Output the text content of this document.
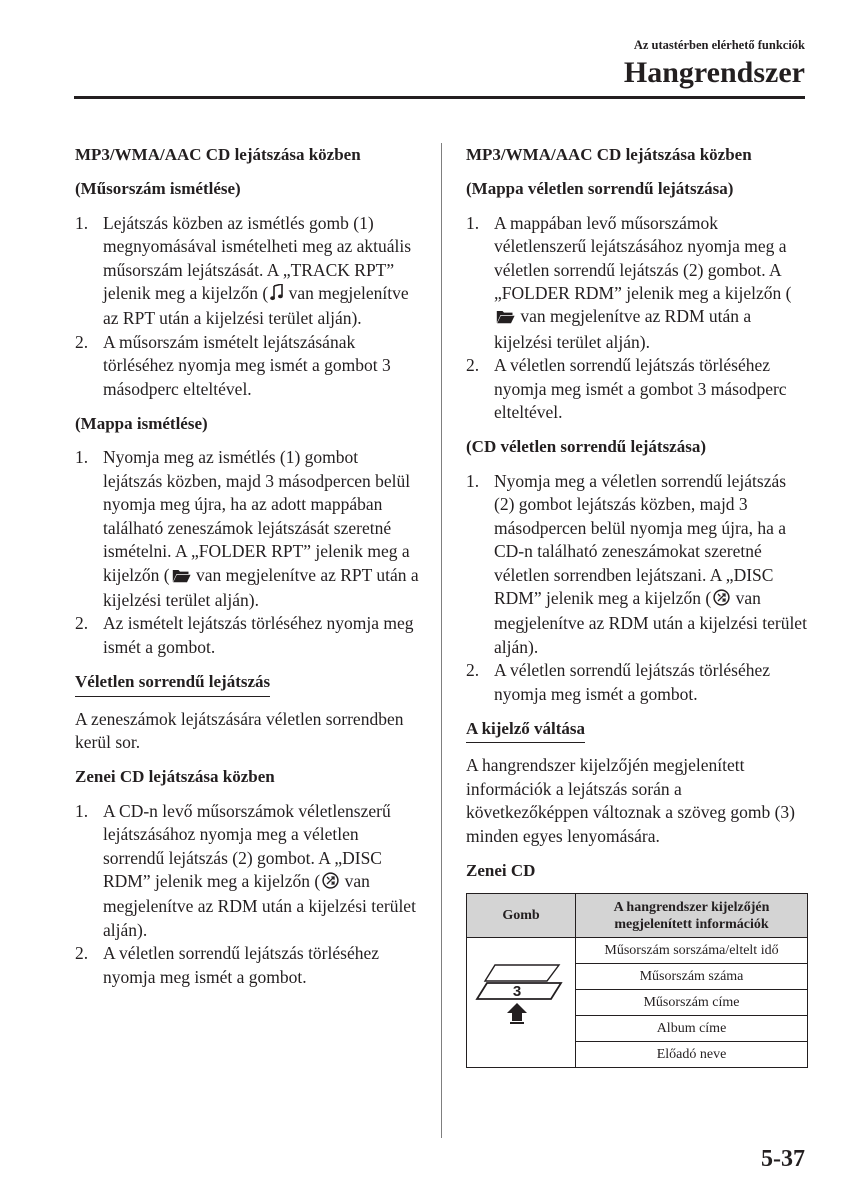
Az utastérben elérhető funkciók
Hangrendszer
MP3/WMA/AAC CD lejátszása közben
(Műsorszám ismétlése)
1. Lejátszás közben az ismétlés gomb (1) megnyomásával ismételheti meg az aktuális műsorszám lejátszását. A „TRACK RPT” jelenik meg a kijelzőn ( van megjelenítve az RPT után a kijelzési terület alján).
2. A műsorszám ismételt lejátszásának törléséhez nyomja meg ismét a gombot 3 másodperc elteltével.
(Mappa ismétlése)
1. Nyomja meg az ismétlés (1) gombot lejátszás közben, majd 3 másodpercen belül nyomja meg újra, ha az adott mappában található zeneszámok lejátszását szeretné ismételni. A „FOLDER RPT” jelenik meg a kijelzőn ( van megjelenítve az RPT után a kijelzési terület alján).
2. Az ismételt lejátszás törléséhez nyomja meg ismét a gombot.
Véletlen sorrendű lejátszás
A zeneszámok lejátszására véletlen sorrendben kerül sor.
Zenei CD lejátszása közben
1. A CD-n levő műsorszámok véletlenszerű lejátszásához nyomja meg a véletlen sorrendű lejátszás (2) gombot. A „DISC RDM” jelenik meg a kijelzőn ( van megjelenítve az RDM után a kijelzési terület alján).
2. A véletlen sorrendű lejátszás törléséhez nyomja meg ismét a gombot.
MP3/WMA/AAC CD lejátszása közben
(Mappa véletlen sorrendű lejátszása)
1. A mappában levő műsorszámok véletlenszerű lejátszásához nyomja meg a véletlen sorrendű lejátszás (2) gombot. A „FOLDER RDM” jelenik meg a kijelzőn ( van megjelenítve az RDM után a kijelzési terület alján).
2. A véletlen sorrendű lejátszás törléséhez nyomja meg ismét a gombot 3 másodperc elteltével.
(CD véletlen sorrendű lejátszása)
1. Nyomja meg a véletlen sorrendű lejátszás (2) gombot lejátszás közben, majd 3 másodpercen belül nyomja meg újra, ha a CD-n található zeneszámokat szeretné véletlen sorrendben lejátszani. A „DISC RDM” jelenik meg a kijelzőn ( van megjelenítve az RDM után a kijelzési terület alján).
2. A véletlen sorrendű lejátszás törléséhez nyomja meg ismét a gombot.
A kijelző váltása
A hangrendszer kijelzőjén megjelenített információk a lejátszás során a következőképpen változnak a szöveg gomb (3) minden egyes lenyomására.
Zenei CD
Gomb	A hangrendszer kijelzőjén megjelenített információk

3	Műsorszám sorszáma/eltelt idő
	Műsorszám száma
	Műsorszám címe
	Album címe
	Előadó neve
5-37
